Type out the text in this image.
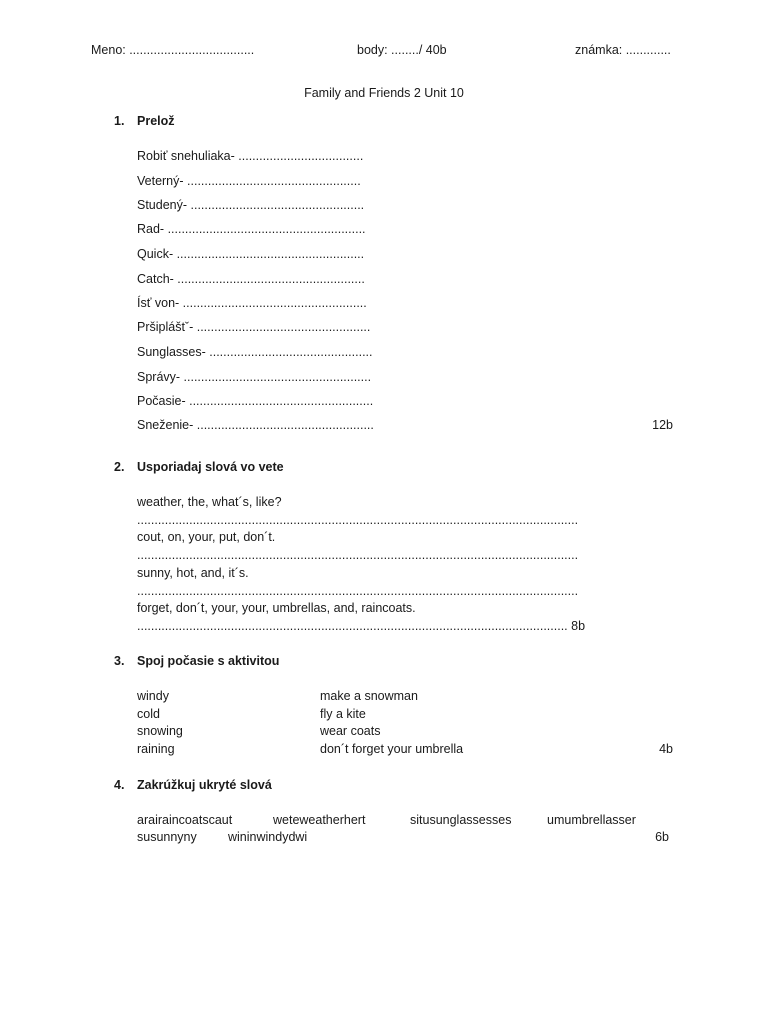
Meno: ....................................	body: ......../ 40b	známka: .............
Family and Friends 2 Unit 10
1. Prelož
Robiť snehuliaka- ....................................
Veterný- ..................................................
Studený- ..................................................
Rad- .........................................................
Quick- ......................................................
Catch- ......................................................
Ísť von- .....................................................
Pršipláštˇ- ..................................................
Sunglasses- ...............................................
Správy- ......................................................
Počasie- .....................................................
Sneženie- ...................................................	12b
2. Usporiadaj slová vo vete
weather, the, what´s, like?
...............................................................................................................................
cout, on, your, put, don´t.
...............................................................................................................................
sunny, hot, and, it´s.
...............................................................................................................................
forget, don´t, your, your, umbrellas, and, raincoats.
............................................................................................................................ 8b
3. Spoj počasie s aktivitou
windy	make a snowman
cold	fly a kite
snowing	wear coats
raining	don´t forget your umbrella	4b
4. Zakrúžkuj ukryté slová
arairaincoatscaut	weteweatherhert	situsunglassesses	umumbrellasser
susunnyny wininwindydwi	6b
